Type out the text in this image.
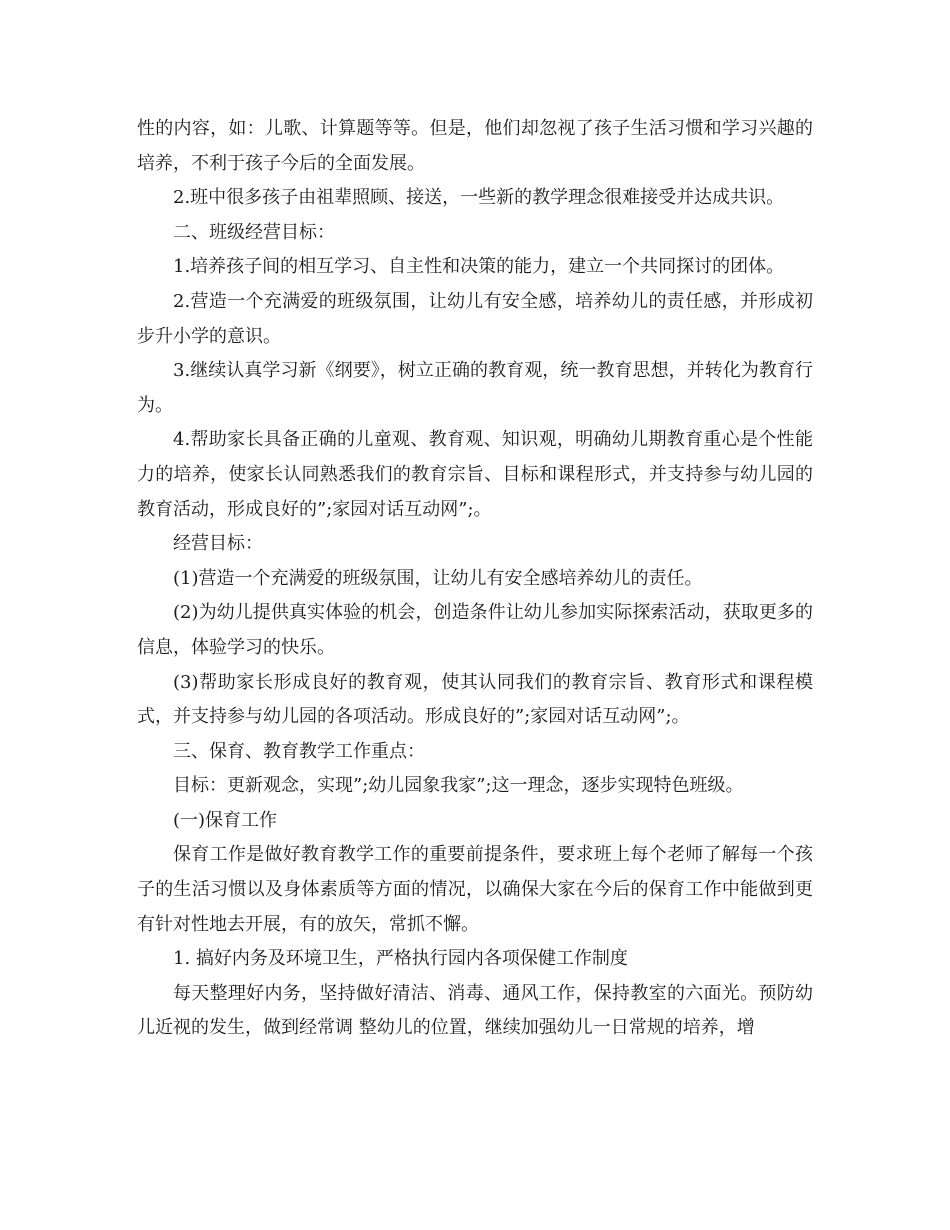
性的内容，如：儿歌、计算题等等。但是，他们却忽视了孩子生活习惯和学习兴趣的培养，不利于孩子今后的全面发展。

2.班中很多孩子由祖辈照顾、接送，一些新的教学理念很难接受并达成共识。

二、班级经营目标：

1.培养孩子间的相互学习、自主性和决策的能力，建立一个共同探讨的团体。

2.营造一个充满爱的班级氛围，让幼儿有安全感，培养幼儿的责任感，并形成初步升小学的意识。

3.继续认真学习新《纲要》，树立正确的教育观，统一教育思想，并转化为教育行为。

4.帮助家长具备正确的儿童观、教育观、知识观，明确幼儿期教育重心是个性能力的培养，使家长认同熟悉我们的教育宗旨、目标和课程形式，并支持参与幼儿园的教育活动，形成良好的”;家园对话互动网”;。

经营目标：

(1)营造一个充满爱的班级氛围，让幼儿有安全感培养幼儿的责任。

(2)为幼儿提供真实体验的机会，创造条件让幼儿参加实际探索活动，获取更多的信息，体验学习的快乐。

(3)帮助家长形成良好的教育观，使其认同我们的教育宗旨、教育形式和课程模式，并支持参与幼儿园的各项活动。形成良好的”;家园对话互动网”;。

三、保育、教育教学工作重点：

目标：更新观念，实现”;幼儿园象我家”;这一理念，逐步实现特色班级。

(一)保育工作

保育工作是做好教育教学工作的重要前提条件，要求班上每个老师了解每一个孩子的生活习惯以及身体素质等方面的情况，以确保大家在今后的保育工作中能做到更有针对性地去开展，有的放矢，常抓不懈。

1. 搞好内务及环境卫生，严格执行园内各项保健工作制度

每天整理好内务，坚持做好清洁、消毒、通风工作，保持教室的六面光。预防幼儿近视的发生，做到经常调 整幼儿的位置，继续加强幼儿一日常规的培养，增
